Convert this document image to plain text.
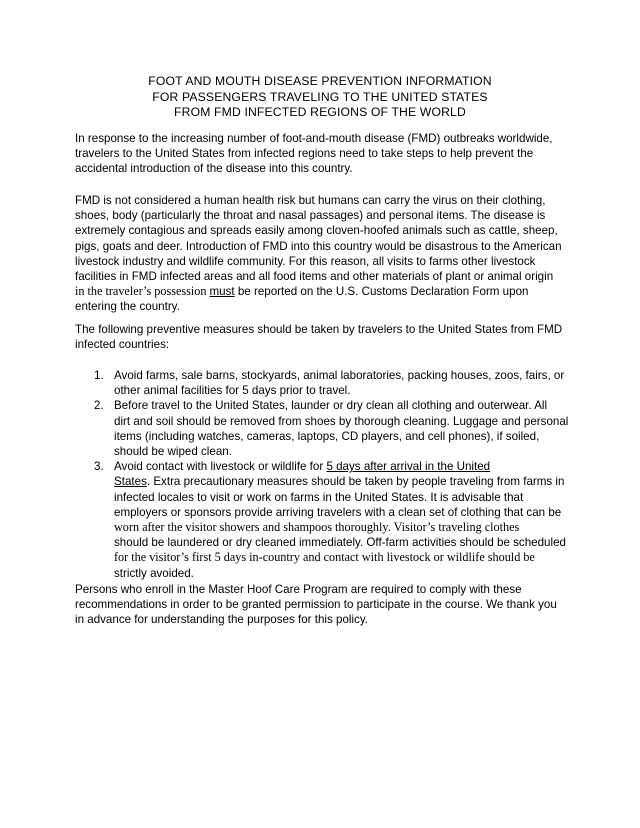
FOOT AND MOUTH DISEASE PREVENTION INFORMATION
FOR PASSENGERS TRAVELING TO THE UNITED STATES
FROM FMD INFECTED REGIONS OF THE WORLD
In response to the increasing number of foot-and-mouth disease (FMD) outbreaks worldwide,
travelers to the United States from infected regions need to take steps to help prevent the
accidental introduction of the disease into this country.
FMD is not considered a human health risk but humans can carry the virus on their clothing,
shoes, body (particularly the throat and nasal passages) and personal items. The disease is
extremely contagious and spreads easily among cloven-hoofed animals such as cattle, sheep,
pigs, goats and deer. Introduction of FMD into this country would be disastrous to the American
livestock industry and wildlife community. For this reason, all visits to farms other livestock
facilities in FMD infected areas and all food items and other materials of plant or animal origin
in the traveler’s possession must be reported on the U.S. Customs Declaration Form upon
entering the country.
The following preventive measures should be taken by travelers to the United States from FMD
infected countries:
1. Avoid farms, sale barns, stockyards, animal laboratories, packing houses, zoos, fairs, or
other animal facilities for 5 days prior to travel.
2. Before travel to the United States, launder or dry clean all clothing and outerwear. All
dirt and soil should be removed from shoes by thorough cleaning. Luggage and personal
items (including watches, cameras, laptops, CD players, and cell phones), if soiled,
should be wiped clean.
3. Avoid contact with livestock or wildlife for 5 days after arrival in the United
States. Extra precautionary measures should be taken by people traveling from farms in
infected locales to visit or work on farms in the United States. It is advisable that
employers or sponsors provide arriving travelers with a clean set of clothing that can be
worn after the visitor showers and shampoos thoroughly. Visitor’s traveling clothes
should be laundered or dry cleaned immediately. Off-farm activities should be scheduled
for the visitor’s first 5 days in-country and contact with livestock or wildlife should be
strictly avoided.
Persons who enroll in the Master Hoof Care Program are required to comply with these
recommendations in order to be granted permission to participate in the course. We thank you
in advance for understanding the purposes for this policy.
